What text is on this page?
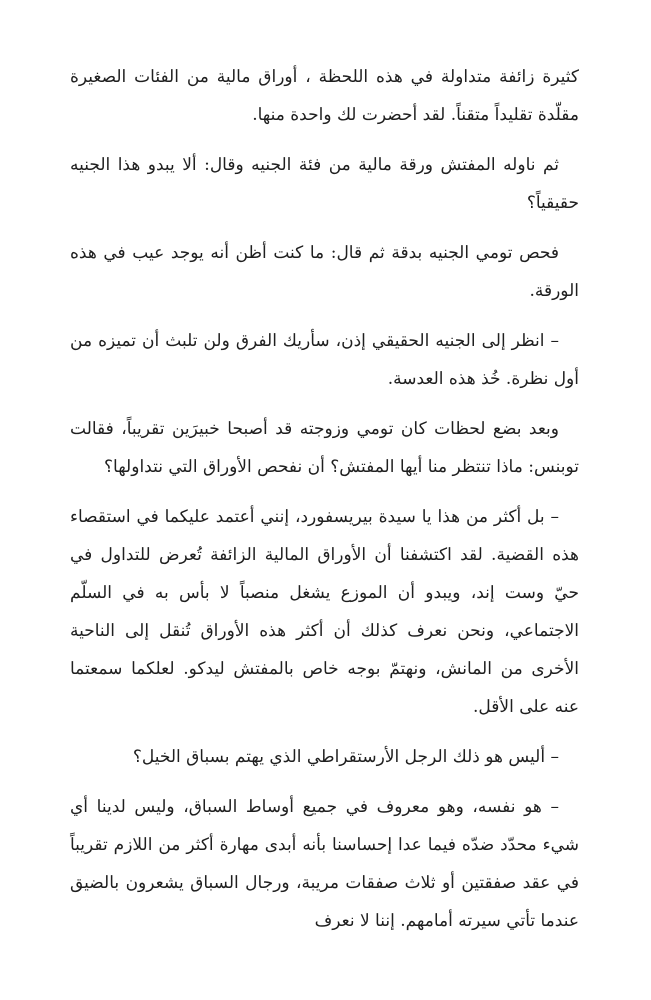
كثيرة زائفة متداولة في هذه اللحظة ، أوراق مالية من الفئات الصغيرة مقلّدة تقليداً متقناً. لقد أحضرت لك واحدة منها.

ثم ناوله المفتش ورقة مالية من فئة الجنيه وقال: ألا يبدو هذا الجنيه حقيقياً؟

فحص تومي الجنيه بدقة ثم قال: ما كنت أظن أنه يوجد عيب في هذه الورقة.

– انظر إلى الجنيه الحقيقي إذن، سأريك الفرق ولن تلبث أن تميزه من أول نظرة. خُذ هذه العدسة.

وبعد بضع لحظات كان تومي وزوجته قد أصبحا خبيرَين تقريباً، فقالت توبنس: ماذا تنتظر منا أيها المفتش؟ أن نفحص الأوراق التي نتداولها؟

– بل أكثر من هذا يا سيدة بيريسفورد، إنني أعتمد عليكما في استقصاء هذه القضية. لقد اكتشفنا أن الأوراق المالية الزائفة تُعرض للتداول في حيّ وست إند، ويبدو أن الموزع يشغل منصباً لا بأس به في السلّم الاجتماعي، ونحن نعرف كذلك أن أكثر هذه الأوراق تُنقل إلى الناحية الأخرى من المانش، ونهتمّ بوجه خاص بالمفتش ليدكو. لعلكما سمعتما عنه على الأقل.

– أليس هو ذلك الرجل الأرستقراطي الذي يهتم بسباق الخيل؟

– هو نفسه، وهو معروف في جميع أوساط السباق، وليس لدينا أي شيء محدّد ضدّه فيما عدا إحساسنا بأنه أبدى مهارة أكثر من اللازم تقريباً في عقد صفقتين أو ثلاث صفقات مريبة، ورجال السباق يشعرون بالضيق عندما تأتي سيرته أمامهم. إننا لا نعرف
